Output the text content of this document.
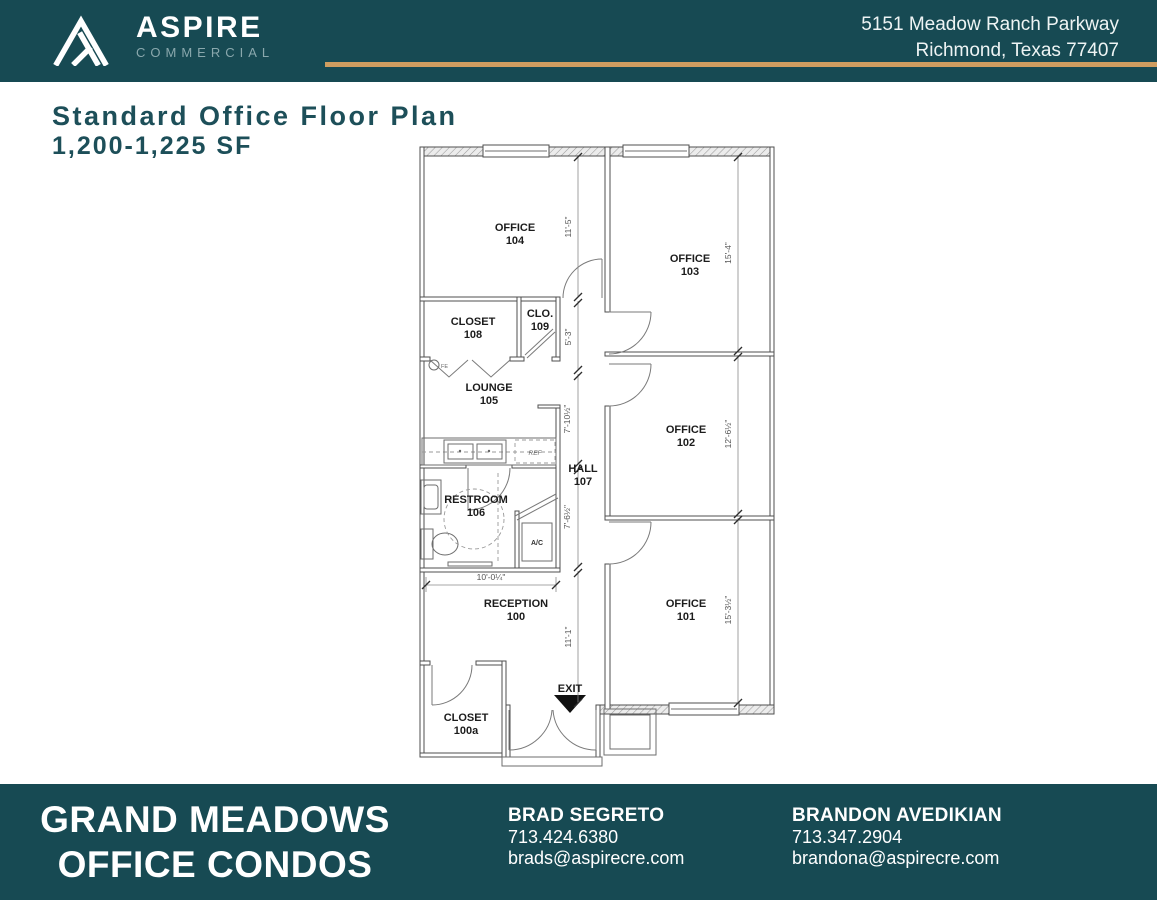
ASPIRE
COMMERCIAL
5151 Meadow Ranch Parkway
Richmond, Texas 77407
Standard Office Floor Plan
1,200-1,225 SF
REF
A/C
FE
11'-5"
5'-3"
7'-10½"
7'-6½"
11'-1"
15'-4"
12'-6½"
15'-3½"
10'-0¼"
OFFICE
104
OFFICE
103
CLOSET
108
CLO.
109
LOUNGE
105
OFFICE
102
HALL
107
RESTROOM
106
RECEPTION
100
OFFICE
101
CLOSET
100a
EXIT
GRAND MEADOWS
OFFICE CONDOS
BRAD SEGRETO
713.424.6380
brads@aspirecre.com
BRANDON AVEDIKIAN
713.347.2904
brandona@aspirecre.com
